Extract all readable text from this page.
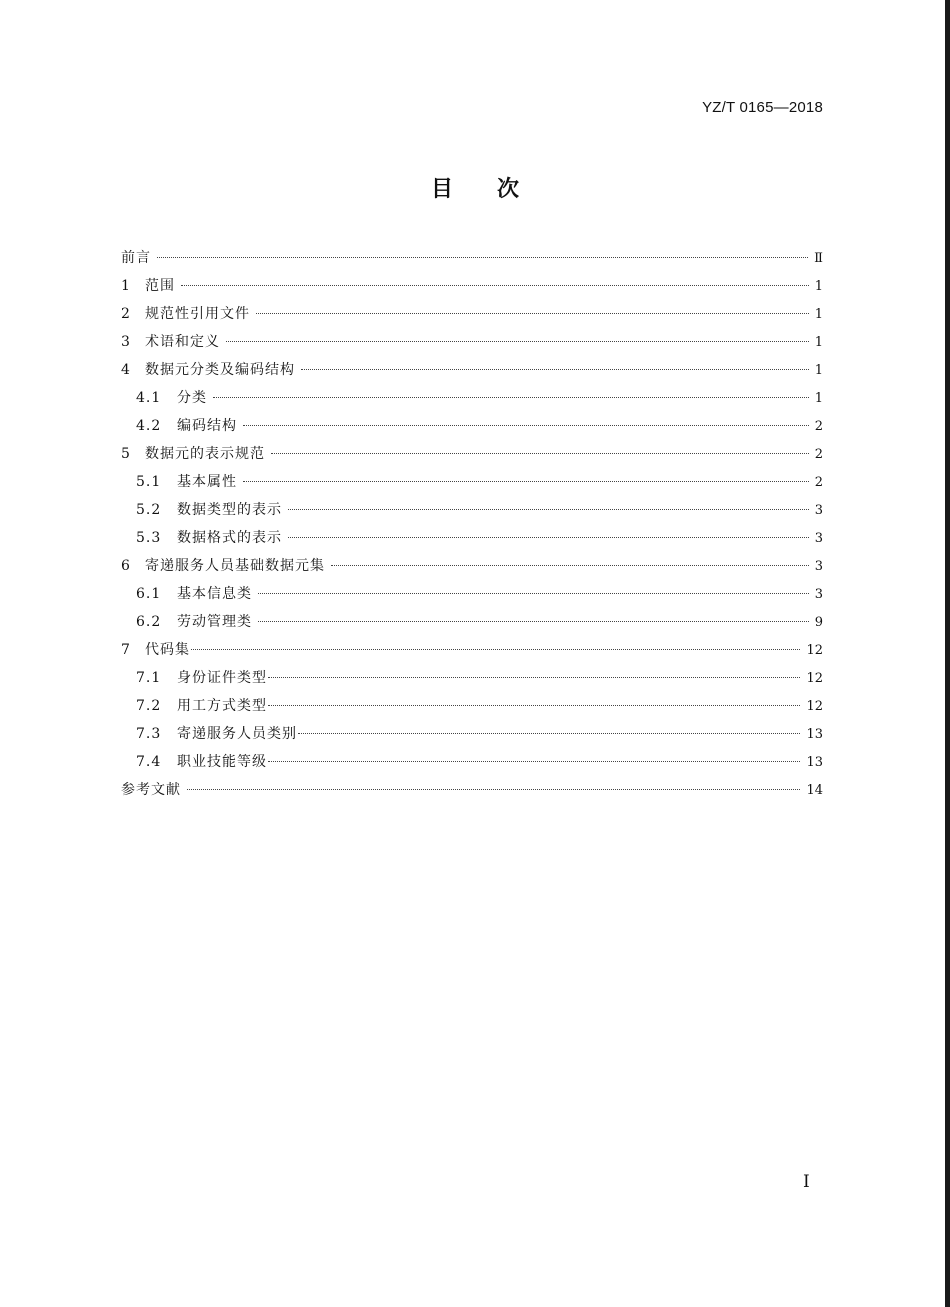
YZ/T 0165—2018
目次
前言	Ⅱ
1	范围	1
2	规范性引用文件	1
3	术语和定义	1
4	数据元分类及编码结构	1
4.1	分类	1
4.2	编码结构	2
5	数据元的表示规范	2
5.1	基本属性	2
5.2	数据类型的表示	3
5.3	数据格式的表示	3
6	寄递服务人员基础数据元集	3
6.1	基本信息类	3
6.2	劳动管理类	9
7	代码集	12
7.1	身份证件类型	12
7.2	用工方式类型	12
7.3	寄递服务人员类别	13
7.4	职业技能等级	13
参考文献	14
I
